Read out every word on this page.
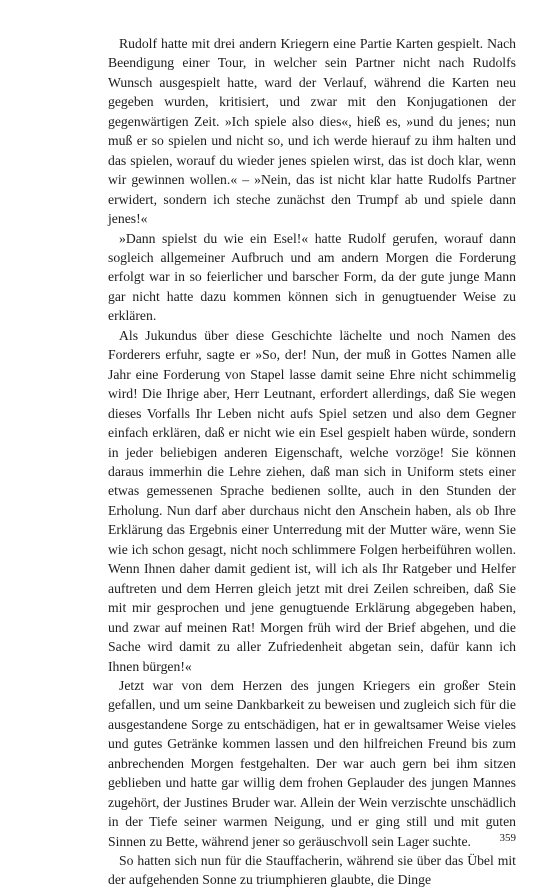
Rudolf hatte mit drei andern Kriegern eine Partie Karten gespielt. Nach Beendigung einer Tour, in welcher sein Partner nicht nach Rudolfs Wunsch ausgespielt hatte, ward der Verlauf, während die Karten neu gegeben wurden, kritisiert, und zwar mit den Konjugationen der gegenwärtigen Zeit. »Ich spiele also dies«, hieß es, »und du jenes; nun muß er so spielen und nicht so, und ich werde hierauf zu ihm halten und das spielen, worauf du wieder jenes spielen wirst, das ist doch klar, wenn wir gewinnen wollen.« – »Nein, das ist nicht klar hatte Rudolfs Partner erwidert, sondern ich steche zunächst den Trumpf ab und spiele dann jenes!«

»Dann spielst du wie ein Esel!« hatte Rudolf gerufen, worauf dann sogleich allgemeiner Aufbruch und am andern Morgen die Forderung erfolgt war in so feierlicher und barscher Form, da der gute junge Mann gar nicht hatte dazu kommen können sich in genugtuender Weise zu erklären.

Als Jukundus über diese Geschichte lächelte und noch Namen des Forderers erfuhr, sagte er »So, der! Nun, der muß in Gottes Namen alle Jahr eine Forderung von Stapel lasse damit seine Ehre nicht schimmelig wird! Die Ihrige aber, Herr Leutnant, erfordert allerdings, daß Sie wegen dieses Vorfalls Ihr Leben nicht aufs Spiel setzen und also dem Gegner einfach erklären, daß er nicht wie ein Esel gespielt haben würde, sondern in jeder beliebigen anderen Eigenschaft, welche vorzöge! Sie können daraus immerhin die Lehre ziehen, daß man sich in Uniform stets einer etwas gemessenen Sprache bedienen sollte, auch in den Stunden der Erholung. Nun darf aber durchaus nicht den Anschein haben, als ob Ihre Erklärung das Ergebnis einer Unterredung mit der Mutter wäre, wenn Sie wie ich schon gesagt, nicht noch schlimmere Folgen herbeiführen wollen. Wenn Ihnen daher damit gedient ist, will ich als Ihr Ratgeber und Helfer auftreten und dem Herren gleich jetzt mit drei Zeilen schreiben, daß Sie mit mir gesprochen und jene genugtuende Erklärung abgegeben haben, und zwar auf meinen Rat! Morgen früh wird der Brief abgehen, und die Sache wird damit zu aller Zufriedenheit abgetan sein, dafür kann ich Ihnen bürgen!«

Jetzt war von dem Herzen des jungen Kriegers ein großer Stein gefallen, und um seine Dankbarkeit zu beweisen und zugleich sich für die ausgestandene Sorge zu entschädigen, hat er in gewaltsamer Weise vieles und gutes Getränke kommen lassen und den hilfreichen Freund bis zum anbrechenden Morgen festgehalten. Der war auch gern bei ihm sitzen geblieben und hatte gar willig dem frohen Geplauder des jungen Mannes zugehört, der Justines Bruder war. Allein der Wein verzischte unschädlich in der Tiefe seiner warmen Neigung, und er ging still und mit guten Sinnen zu Bette, während jener so geräuschvoll sein Lager suchte.

So hatten sich nun für die Stauffacherin, während sie über das Übel mit der aufgehenden Sonne zu triumphieren glaubte, die Dinge

359
